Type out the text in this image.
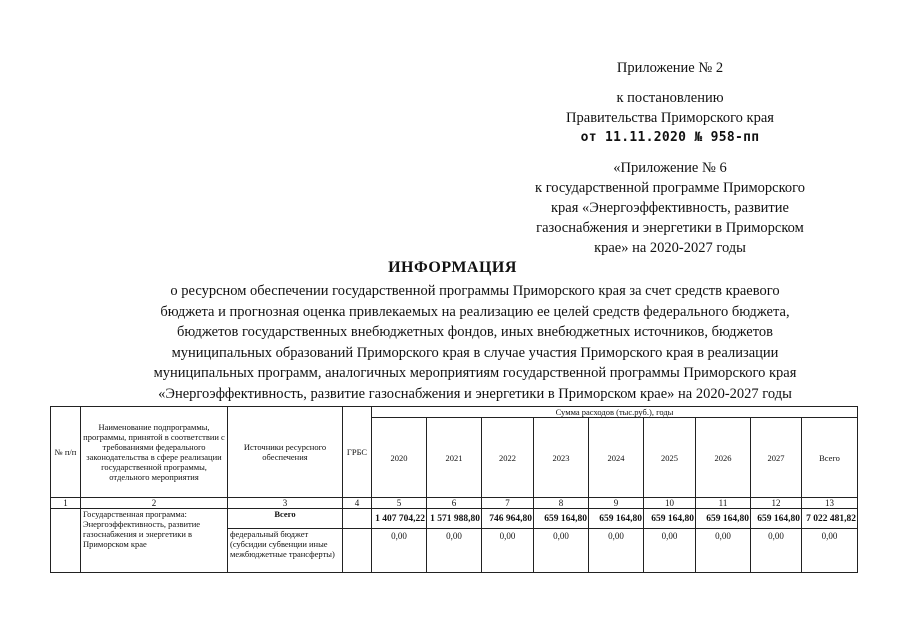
Приложение № 2
к постановлению
Правительства Приморского края
от 11.11.2020 № 958-пп
«Приложение № 6
к государственной программе Приморского
края «Энергоэффективность, развитие
газоснабжения и энергетики в Приморском
крае» на 2020-2027 годы
ИНФОРМАЦИЯ
о ресурсном обеспечении государственной программы Приморского края за счет средств краевого
бюджета и прогнозная оценка привлекаемых на реализацию ее целей средств федерального бюджета,
бюджетов государственных внебюджетных фондов, иных внебюджетных источников, бюджетов
муниципальных образований Приморского края в случае участия Приморского края в реализации
муниципальных программ, аналогичных мероприятиям государственной программы Приморского края
«Энергоэффективность, развитие газоснабжения и энергетики в Приморском крае» на 2020-2027 годы
№ п/п	Наименование подпрограммы, программы, принятой в соответствии с требованиями федерального законодательства в сфере реализации государственной программы, отдельного мероприятия	Источники ресурсного обеспечения	ГРБС	Сумма расходов (тыс.руб.), годы								
				2020	2021	2022	2023	2024	2025	2026	2027	Всего
1	2	3	4	5	6	7	8	9	10	11	12	13
	Государственная программа: Энергоэффективность, развитие газоснабжения и энергетики в Приморском крае	Всего		1 407 704,22	1 571 988,80	746 964,80	659 164,80	659 164,80	659 164,80	659 164,80	659 164,80	7 022 481,82
		федеральный бюджет (субсидии субвенции иные межбюджетные трансферты)		0,00	0,00	0,00	0,00	0,00	0,00	0,00	0,00	0,00
